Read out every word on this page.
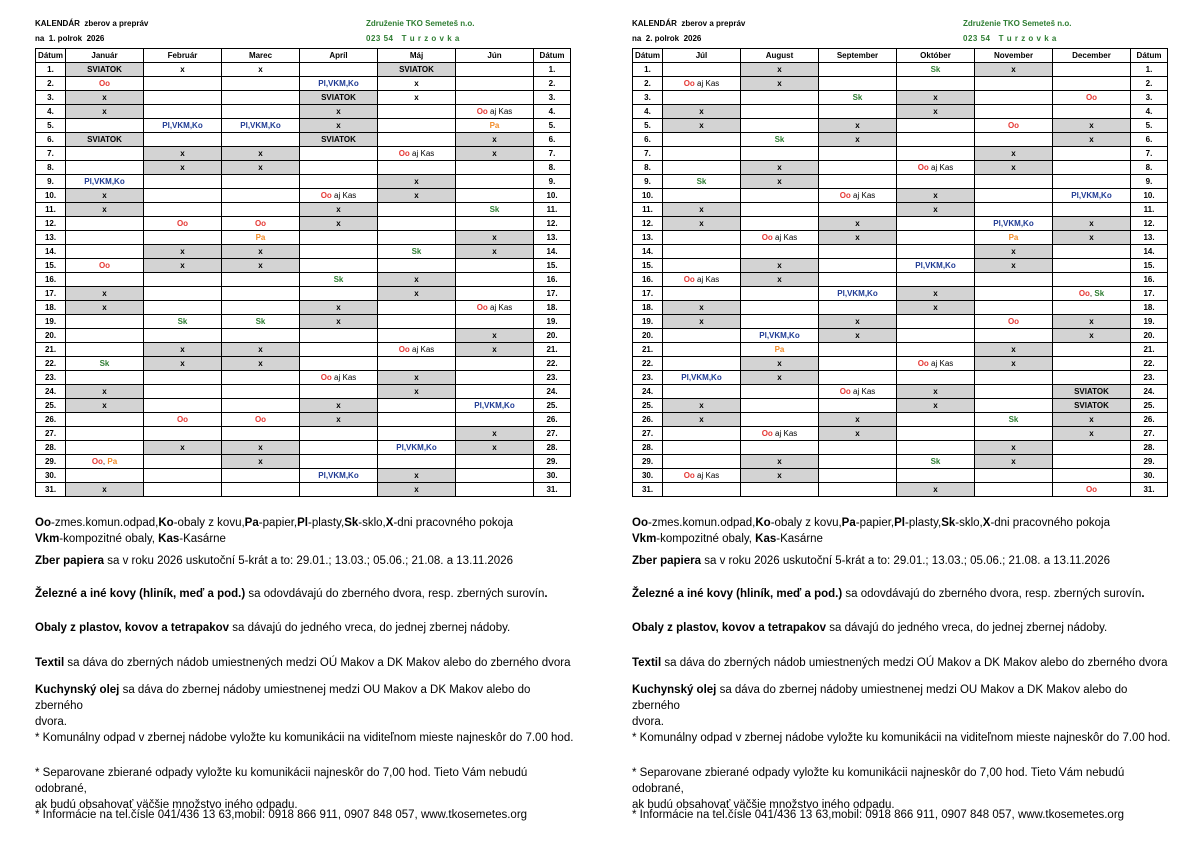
KALENDÁR  zberov a prepráv
na  1. polrok  2026
Združenie TKO Semeteš n.o.
023 54   T u r z o v k a
Dátum	Január	Február	Marec	Apríl	Máj	Jún	Dátum
1.	SVIATOK	x	x		SVIATOK		1.
2.	Oo			Pl,VKM,Ko	x		2.
3.	x			SVIATOK	x		3.
4.	x			x		Oo aj Kas	4.
5.		Pl,VKM,Ko	Pl,VKM,Ko	x		Pa	5.
6.	SVIATOK			SVIATOK		x	6.
7.		x	x		Oo aj Kas	x	7.
8.		x	x				8.
9.	Pl,VKM,Ko				x		9.
10.	x			Oo aj Kas	x		10.
11.	x			x		Sk	11.
12.		Oo	Oo	x			12.
13.			Pa			x	13.
14.		x	x		Sk	x	14.
15.	Oo	x	x				15.
16.				Sk	x		16.
17.	x				x		17.
18.	x			x		Oo aj Kas	18.
19.		Sk	Sk	x			19.
20.						x	20.
21.		x	x		Oo aj Kas	x	21.
22.	Sk	x	x				22.
23.				Oo aj Kas	x		23.
24.	x				x		24.
25.	x			x		Pl,VKM,Ko	25.
26.		Oo	Oo	x			26.
27.						x	27.
28.		x	x		Pl,VKM,Ko	x	28.
29.	Oo, Pa		x				29.
30.				Pl,VKM,Ko	x		30.
31.	x				x		31.

Oo-zmes.komun.odpad,Ko-obaly z kovu,Pa-papier,Pl-plasty,Sk-sklo,X-dni pracovného pokoja

Vkm-kompozitné obaly, Kas-Kasárne

Zber papiera sa v roku 2026 uskutoční 5-krát a to: 29.01.; 13.03.; 05.06.; 21.08. a 13.11.2026

Železné a iné kovy (hliník, meď a pod.) sa odovdávajú do zberného dvora, resp. zberných surovín.

Obaly z plastov, kovov a tetrapakov sa dávajú do jedného vreca, do jednej zbernej nádoby.

Textil sa dáva do zberných nádob umiestnených medzi OÚ Makov a DK Makov alebo do zberného dvora

Kuchynský olej sa dáva do zbernej nádoby umiestnenej medzi OU Makov a DK Makov alebo do zberného
dvora.

* Komunálny odpad v zbernej nádobe vyložte ku komunikácii na viditeľnom mieste najneskôr do 7.00 hod.

* Separovane zbierané odpady vyložte ku komunikácii najneskôr do 7,00 hod. Tieto Vám nebudú odobrané,
ak budú obsahovať väčšie množstvo iného odpadu.

* Informácie na tel.čísle 041/436 13 63,mobil: 0918 866 911, 0907 848 057, www.tkosemetes.org

KALENDÁR  zberov a prepráv
na  2. polrok  2026
Združenie TKO Semeteš n.o.
023 54   T u r z o v k a
Dátum	Júl	August	September	Október	November	December	Dátum
1.		x		Sk	x		1.
2.	Oo aj Kas	x					2.
3.			Sk	x		Oo	3.
4.	x			x			4.
5.	x		x		Oo	x	5.
6.		Sk	x			x	6.
7.					x		7.
8.		x		Oo aj Kas	x		8.
9.	Sk	x					9.
10.			Oo aj Kas	x		Pl,VKM,Ko	10.
11.	x			x			11.
12.	x		x		Pl,VKM,Ko	x	12.
13.		Oo aj Kas	x		Pa	x	13.
14.					x		14.
15.		x		Pl,VKM,Ko	x		15.
16.	Oo aj Kas	x					16.
17.			Pl,VKM,Ko	x		Oo, Sk	17.
18.	x			x			18.
19.	x		x		Oo	x	19.
20.		Pl,VKM,Ko	x			x	20.
21.		Pa			x		21.
22.		x		Oo aj Kas	x		22.
23.	Pl,VKM,Ko	x					23.
24.			Oo aj Kas	x		SVIATOK	24.
25.	x			x		SVIATOK	25.
26.	x		x		Sk	x	26.
27.		Oo aj Kas	x			x	27.
28.					x		28.
29.		x		Sk	x		29.
30.	Oo aj Kas	x					30.
31.				x		Oo	31.

Oo-zmes.komun.odpad,Ko-obaly z kovu,Pa-papier,Pl-plasty,Sk-sklo,X-dni pracovného pokoja

Vkm-kompozitné obaly, Kas-Kasárne

Zber papiera sa v roku 2026 uskutoční 5-krát a to: 29.01.; 13.03.; 05.06.; 21.08. a 13.11.2026

Železné a iné kovy (hliník, meď a pod.) sa odovdávajú do zberného dvora, resp. zberných surovín.

Obaly z plastov, kovov a tetrapakov sa dávajú do jedného vreca, do jednej zbernej nádoby.

Textil sa dáva do zberných nádob umiestnených medzi OÚ Makov a DK Makov alebo do zberného dvora

Kuchynský olej sa dáva do zbernej nádoby umiestnenej medzi OU Makov a DK Makov alebo do zberného
dvora.

* Komunálny odpad v zbernej nádobe vyložte ku komunikácii na viditeľnom mieste najneskôr do 7.00 hod.

* Separovane zbierané odpady vyložte ku komunikácii najneskôr do 7,00 hod. Tieto Vám nebudú odobrané,
ak budú obsahovať väčšie množstvo iného odpadu.

* Informácie na tel.čísle 041/436 13 63,mobil: 0918 866 911, 0907 848 057, www.tkosemetes.org
